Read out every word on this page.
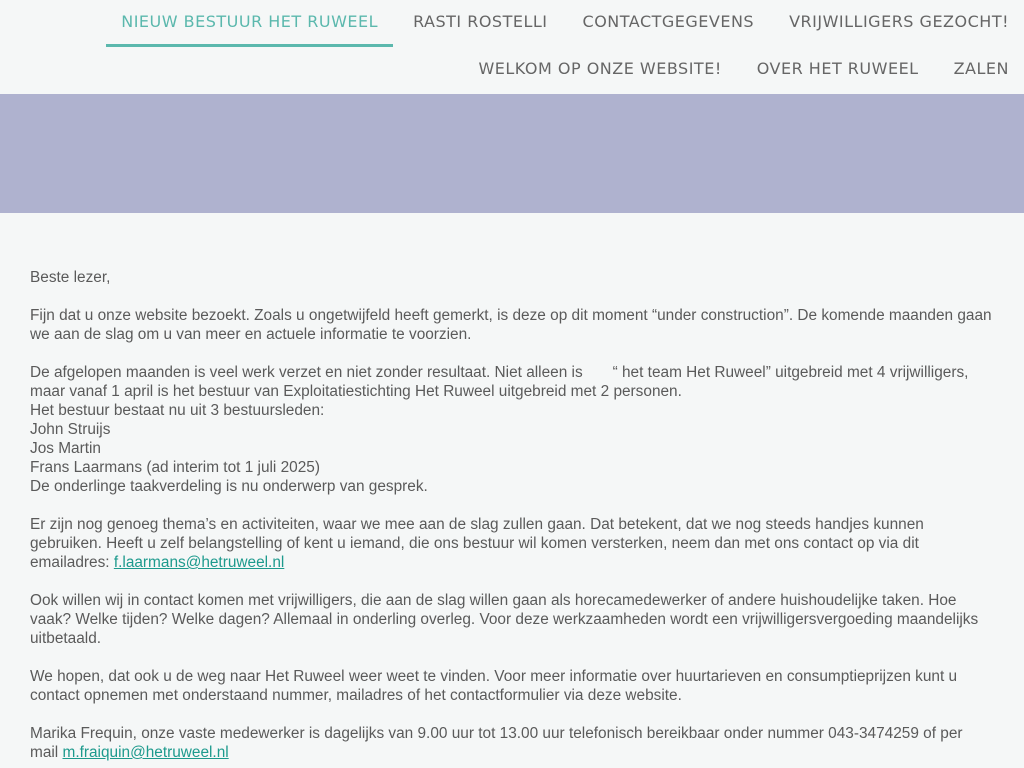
NIEUW BESTUUR HET RUWEEL	RASTI ROSTELLI	CONTACTGEGEVENS	VRIJWILLIGERS GEZOCHT!
WELKOM OP ONZE WEBSITE!	OVER HET RUWEEL	ZALEN

Beste lezer,

Fijn dat u onze website bezoekt. Zoals u ongetwijfeld heeft gemerkt, is deze op dit moment “under construction”. De komende maanden gaan we aan de slag om u van meer en actuele informatie te voorzien.

De afgelopen maanden is veel werk verzet en niet zonder resultaat. Niet alleen is       “ het team Het Ruweel” uitgebreid met 4 vrijwilligers, maar vanaf 1 april is het bestuur van Exploitatiestichting Het Ruweel uitgebreid met 2 personen.
Het bestuur bestaat nu uit 3 bestuursleden:
John Struijs
Jos Martin
Frans Laarmans (ad interim tot 1 juli 2025)
De onderlinge taakverdeling is nu onderwerp van gesprek.

Er zijn nog genoeg thema’s en activiteiten, waar we mee aan de slag zullen gaan. Dat betekent, dat we nog steeds handjes kunnen gebruiken. Heeft u zelf belangstelling of kent u iemand, die ons bestuur wil komen versterken, neem dan met ons contact op via dit emailadres: f.laarmans@hetruweel.nl

Ook willen wij in contact komen met vrijwilligers, die aan de slag willen gaan als horecamedewerker of andere huishoudelijke taken. Hoe vaak? Welke tijden? Welke dagen? Allemaal in onderling overleg. Voor deze werkzaamheden wordt een vrijwilligersvergoeding maandelijks uitbetaald.

We hopen, dat ook u de weg naar Het Ruweel weer weet te vinden. Voor meer informatie over huurtarieven en consumptieprijzen kunt u contact opnemen met onderstaand nummer, mailadres of het contactformulier via deze website.

Marika Frequin, onze vaste medewerker is dagelijks van 9.00 uur tot 13.00 uur telefonisch bereikbaar onder nummer 043-3474259 of per mail m.fraiquin@hetruweel.nl
